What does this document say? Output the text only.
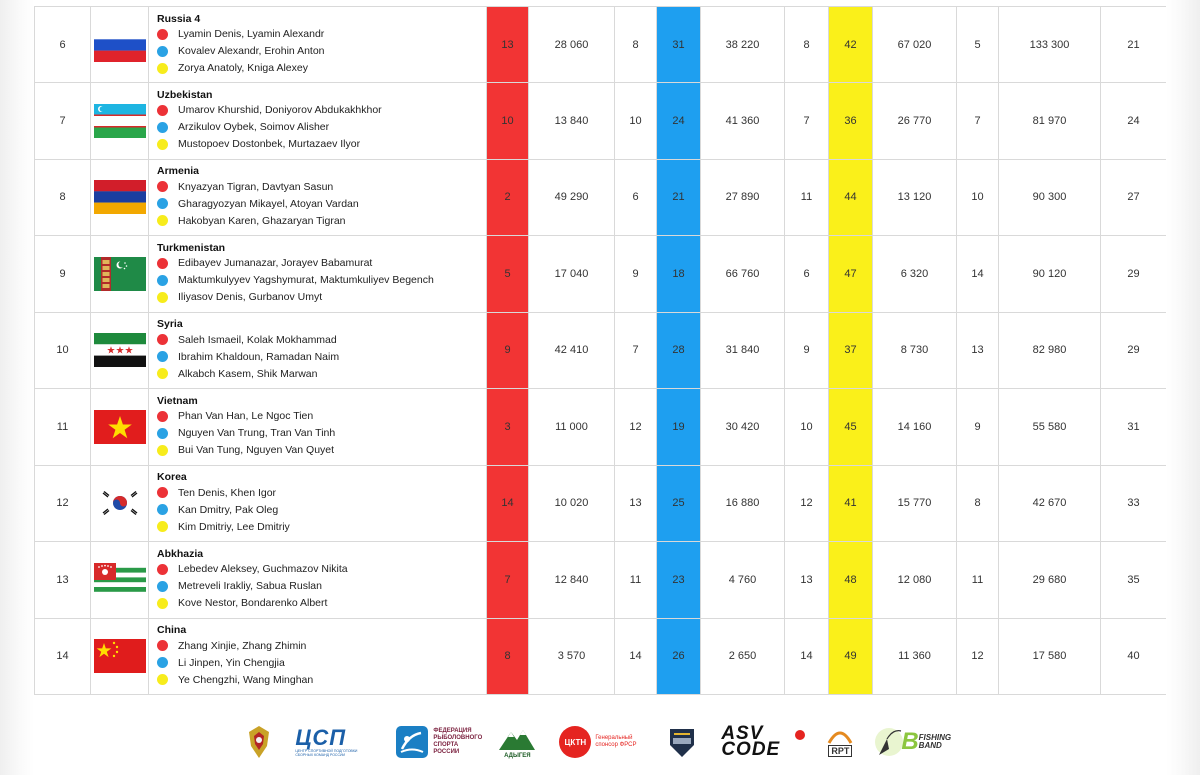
6		Russia 4
Lyamin Denis, Lyamin Alexandr
Kovalev Alexandr, Erohin Anton
Zorya Anatoly, Kniga Alexey	13	28 060	8	31	38 220	8	42	67 020	5	133 300	21
7		Uzbekistan
Umarov Khurshid, Doniyorov Abdukakhkhor
Arzikulov Oybek, Soimov Alisher
Mustopoev Dostonbek, Murtazaev Ilyor	10	13 840	10	24	41 360	7	36	26 770	7	81 970	24
8		Armenia
Knyazyan Tigran, Davtyan Sasun
Gharagyozyan Mikayel, Atoyan Vardan
Hakobyan Karen, Ghazaryan Tigran	2	49 290	6	21	27 890	11	44	13 120	10	90 300	27
9		Turkmenistan
Edibayev Jumanazar, Jorayev Babamurat
Maktumkulyyev Yagshymurat, Maktumkuliyev Begench
Iliyasov Denis, Gurbanov Umyt	5	17 040	9	18	66 760	6	47	6 320	14	90 120	29
10	★★★	Syria
Saleh Ismaeil, Kolak Mokhammad
Ibrahim Khaldoun, Ramadan Naim
Alkabch Kasem, Shik Marwan	9	42 410	7	28	31 840	9	37	8 730	13	82 980	29
11		Vietnam
Phan Van Han, Le Ngoc Tien
Nguyen Van Trung, Tran Van Tinh
Bui Van Tung, Nguyen Van Quyet	3	11 000	12	19	30 420	10	45	14 160	9	55 580	31
12		Korea
Ten Denis, Khen Igor
Kan Dmitry, Pak Oleg
Kim Dmitriy, Lee Dmitriy	14	10 020	13	25	16 880	12	41	15 770	8	42 670	33
13		Abkhazia
Lebedev Aleksey, Guchmazov Nikita
Metreveli Irakliy, Sabua Ruslan
Kove Nestor, Bondarenko Albert	7	12 840	11	23	4 760	13	48	12 080	11	29 680	35
14		China
Zhang Xinjie, Zhang Zhimin
Li Jinpen, Yin Chengjia
Ye Chengzhi, Wang Minghan	8	3 570	14	26	2 650	14	49	11 360	12	17 580	40
ЦСП
ЦЕНТР СПОРТИВНОЙ ПОДГОТОВКИ СБОРНЫХ КОМАНД РОССИИ
ФЕДЕРАЦИЯ РЫБОЛОВНОГО СПОРТА РОССИИ
АДЫГЕЯ
ЦКТН Генеральный спонсор ФРСР
ASV CODE	RPT B FISHING BAND
